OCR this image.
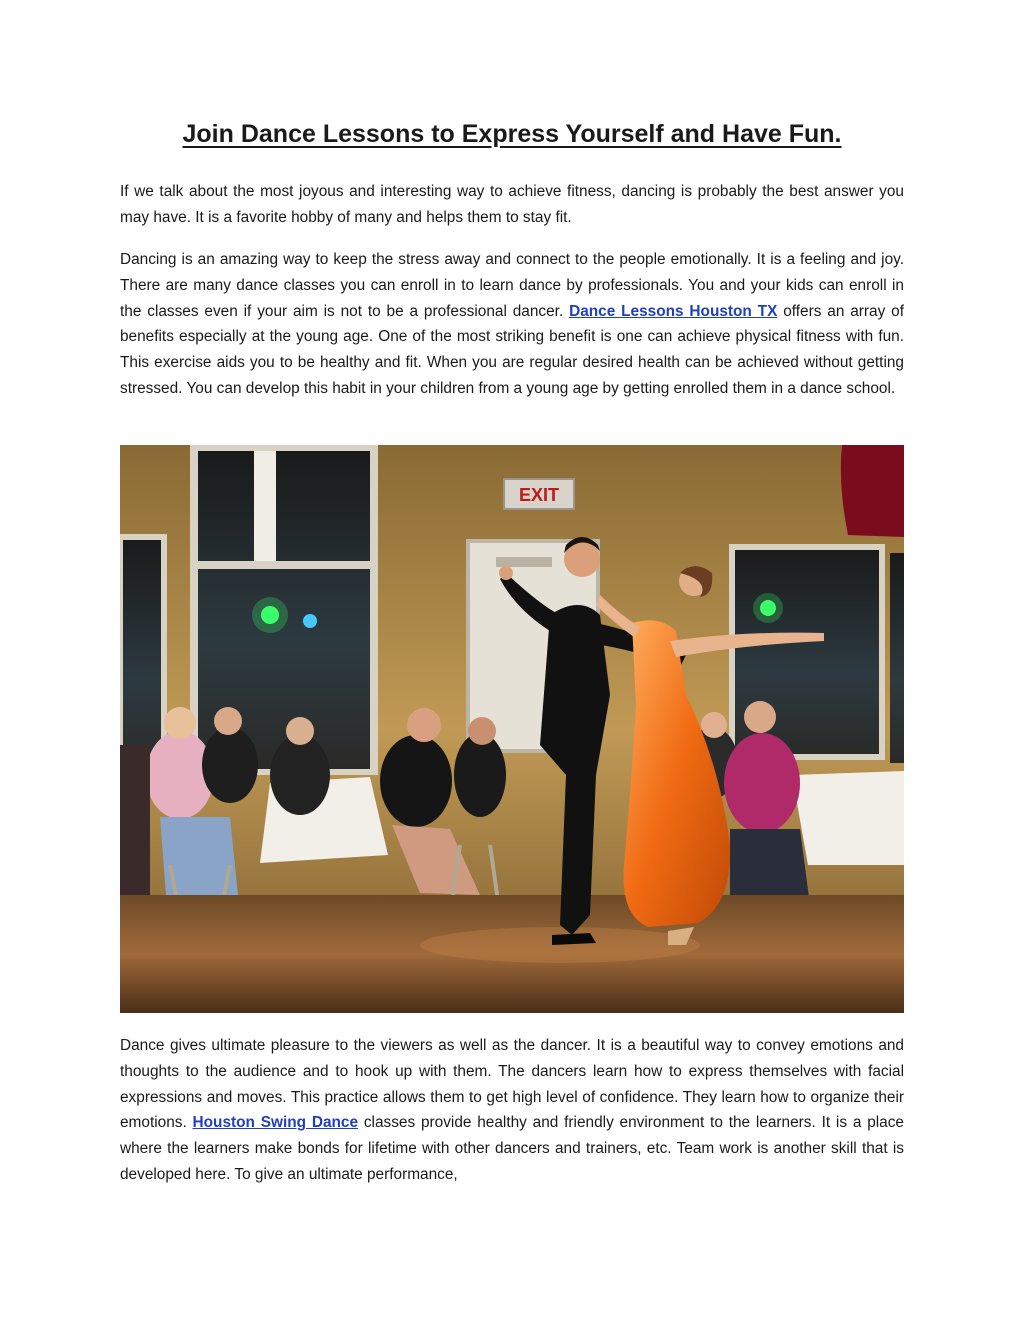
Join Dance Lessons to Express Yourself and Have Fun.

If we talk about the most joyous and interesting way to achieve fitness, dancing is probably the best answer you may have. It is a favorite hobby of many and helps them to stay fit.

Dancing is an amazing way to keep the stress away and connect to the people emotionally. It is a feeling and joy. There are many dance classes you can enroll in to learn dance by professionals. You and your kids can enroll in the classes even if your aim is not to be a professional dancer. Dance Lessons Houston TX offers an array of benefits especially at the young age. One of the most striking benefit is one can achieve physical fitness with fun. This exercise aids you to be healthy and fit. When you are regular desired health can be achieved without getting stressed. You can develop this habit in your children from a young age by getting enrolled them in a dance school.

EXIT

Dance gives ultimate pleasure to the viewers as well as the dancer. It is a beautiful way to convey emotions and thoughts to the audience and to hook up with them. The dancers learn how to express themselves with facial expressions and moves. This practice allows them to get high level of confidence. They learn how to organize their emotions. Houston Swing Dance classes provide healthy and friendly environment to the learners. It is a place where the learners make bonds for lifetime with other dancers and trainers, etc. Team work is another skill that is developed here. To give an ultimate performance,
